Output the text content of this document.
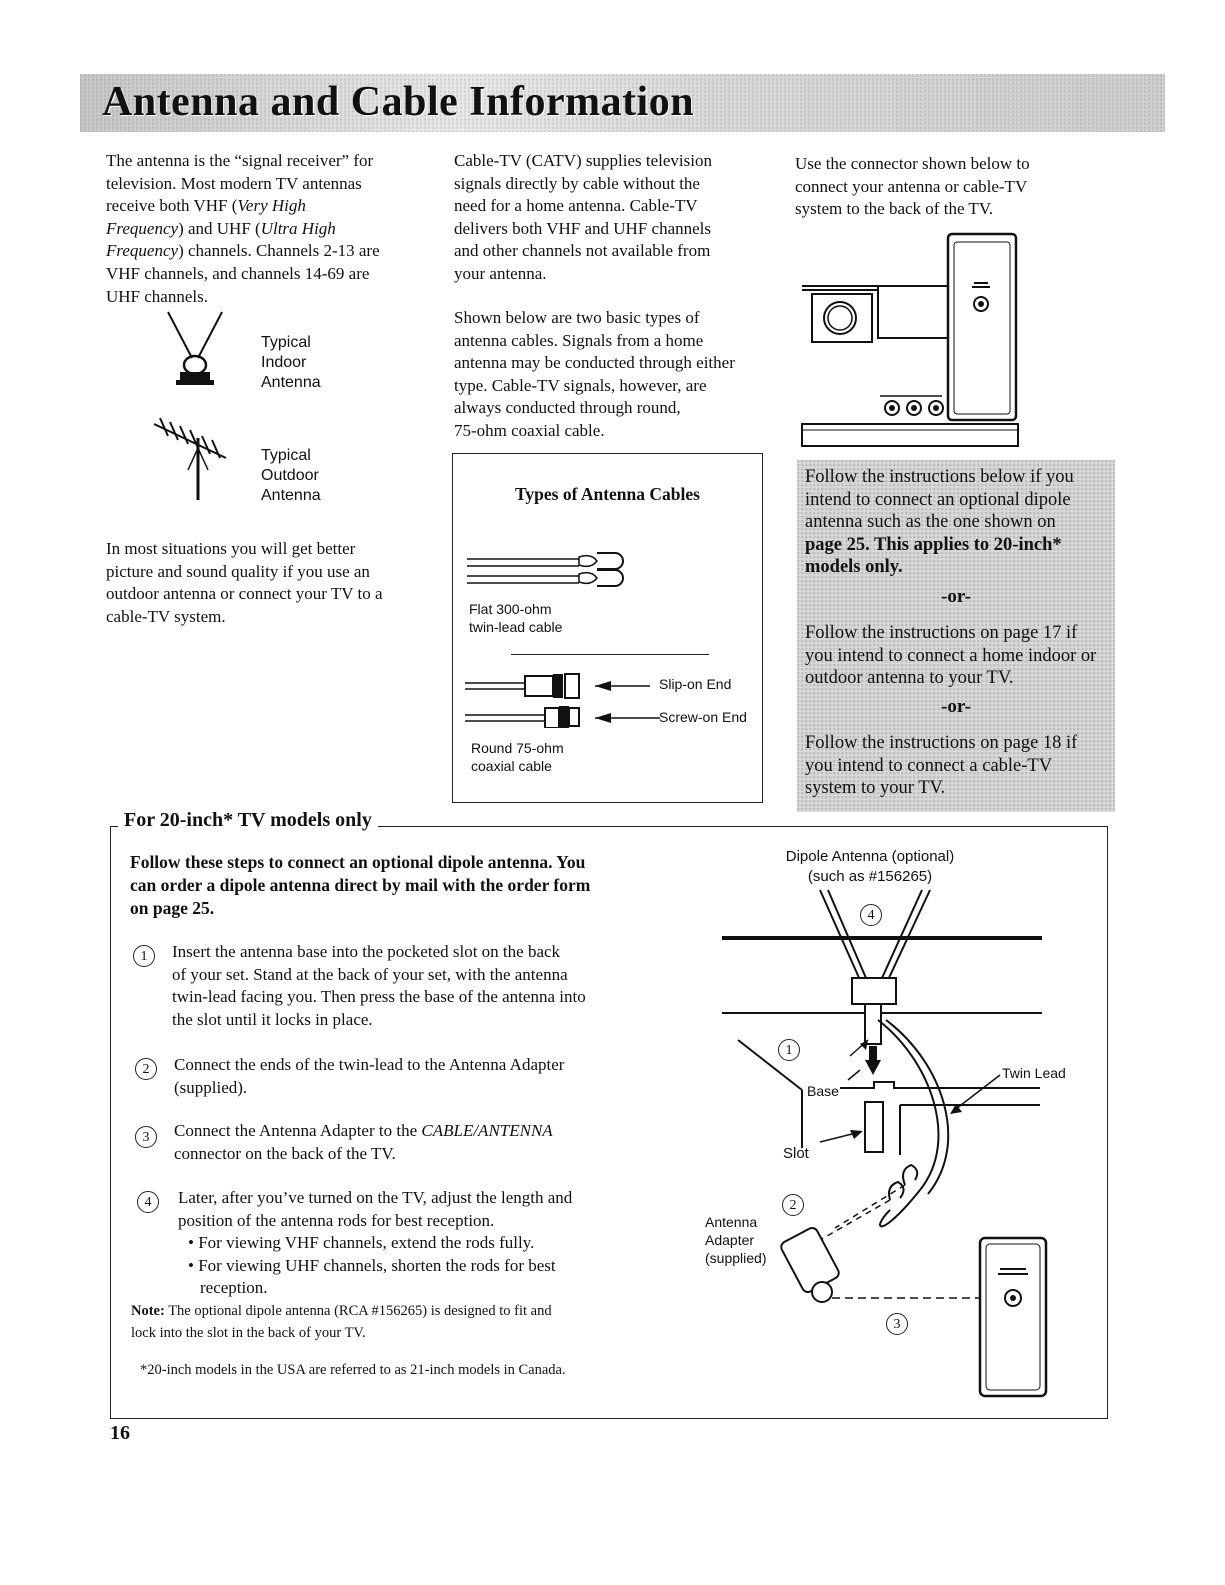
Antenna and Cable Information
The antenna is the “signal receiver” for
television. Most modern TV antennas
receive both VHF (Very High
Frequency) and UHF (Ultra High
Frequency) channels. Channels 2-13 are
VHF channels, and channels 14-69 are
UHF channels.
Typical
Indoor
Antenna
Typical
Outdoor
Antenna
In most situations you will get better
picture and sound quality if you use an
outdoor antenna or connect your TV to a
cable-TV system.
Cable-TV (CATV) supplies television
signals directly by cable without the
need for a home antenna. Cable-TV
delivers both VHF and UHF channels
and other channels not available from
your antenna.
Shown below are two basic types of
antenna cables. Signals from a home
antenna may be conducted through either
type. Cable-TV signals, however, are
always conducted through round,
75-ohm coaxial cable.
Types of Antenna Cables
Flat 300-ohm
twin-lead cable
Slip-on End
Screw-on End
Round 75-ohm
coaxial cable
Use the connector shown below to
connect your antenna or cable-TV
system to the back of the TV.
Follow the instructions below if you
intend to connect an optional dipole
antenna such as the one shown on
page 25. This applies to 20-inch*
models only.
-or-
Follow the instructions on page 17 if
you intend to connect a home indoor or
outdoor antenna to your TV.
-or-
Follow the instructions on page 18 if
you intend to connect a cable-TV
system to your TV.
For 20-inch* TV models only
Follow these steps to connect an optional dipole antenna. You
can order a dipole antenna direct by mail with the order form
on page 25.
1	Insert the antenna base into the pocketed slot on the back
of your set. Stand at the back of your set, with the antenna
twin-lead facing you. Then press the base of the antenna into
the slot until it locks in place.
2	Connect the ends of the twin-lead to the Antenna Adapter
(supplied).
3	Connect the Antenna Adapter to the CABLE/ANTENNA
connector on the back of the TV.
4	Later, after you’ve turned on the TV, adjust the length and
position of the antenna rods for best reception.
• For viewing VHF channels, extend the rods fully.
• For viewing UHF channels, shorten the rods for best
reception.
Note: The optional dipole antenna (RCA #156265) is designed to fit and
lock into the slot in the back of your TV.
*20-inch models in the USA are referred to as 21-inch models in Canada.
Dipole Antenna (optional)
(such as #156265)
Twin Lead
Base
Slot
Antenna
Adapter
(supplied)
4
1
2
3
16
